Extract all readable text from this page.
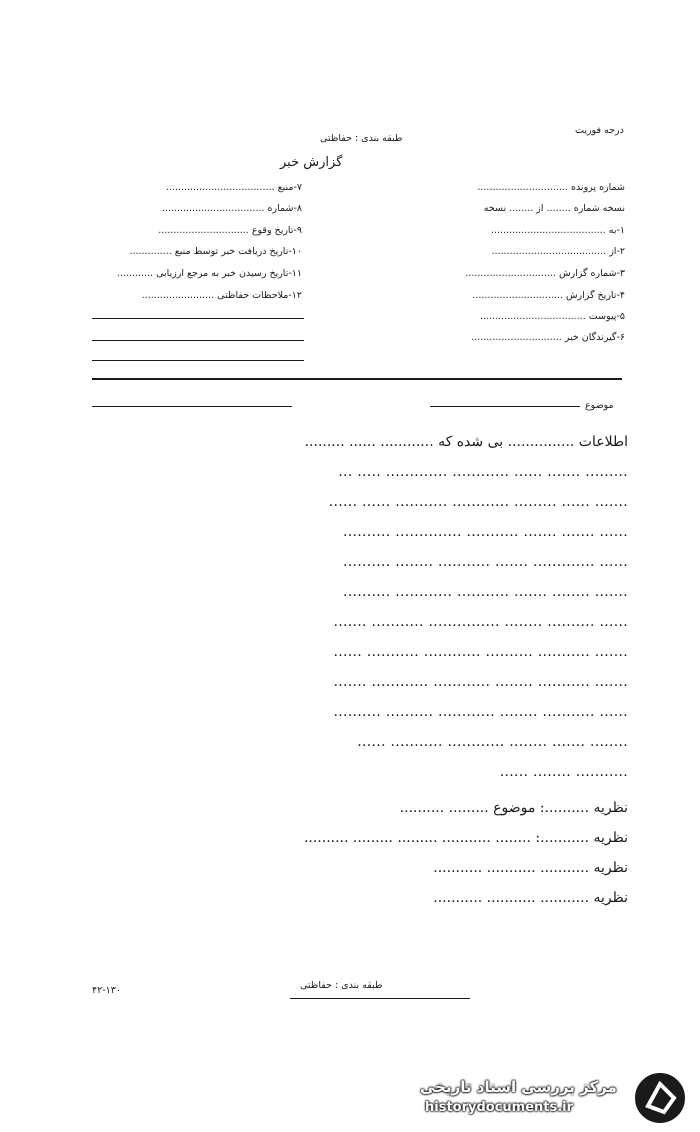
درجه فوریت
طبقه بندی : حفاظتی
گزارش خبر
۷-منبع ....................................
۸-شماره ..................................
۹-تاریخ وقوع ..............................
۱۰-تاریخ دریافت خبر توسط منبع ..............
۱۱-تاریخ رسیدن خبر به مرجع ارزیابی ............
۱۲-ملاحظات حفاظتی ........................
شماره پرونده ..............................
نسخه شماره ........ از ........ نسخه
۱-به ......................................
۲-از ......................................
۳-شماره گزارش ..............................
۴-تاریخ گزارش ..............................
۵-پیوست ...................................
۶-گیرندگان خبر ..............................
موضوع
اطلاعات ............... بی شده که ............ ...... .........
......... ....... ...... ............ ............. ..... ...
....... ...... ......... ............ ........... ...... ......
...... ....... ....... ........... .............. ..........
...... ............. ....... ........... ........ ..........
....... ........ ....... ........... ............ ..........
...... .......... ........ ............... ........... .......
....... ........... .......... ............ ........... ......
....... ........... ........ ............ ............ .......
...... ........... ........ ............ .......... ..........
........ ....... ........ ............ ........... ......
........... ........ ......
نظریه ..........: موضوع ......... ..........
نظریه ...........: ........ ........... ......... ......... ..........
نظریه ........... ........... ...........
نظریه ........... ........... ...........
۴۲-۱۳۰	طبقه بندی : حفاظتی
مرکز بررسی اسناد تاریخی
historydocuments.ir
